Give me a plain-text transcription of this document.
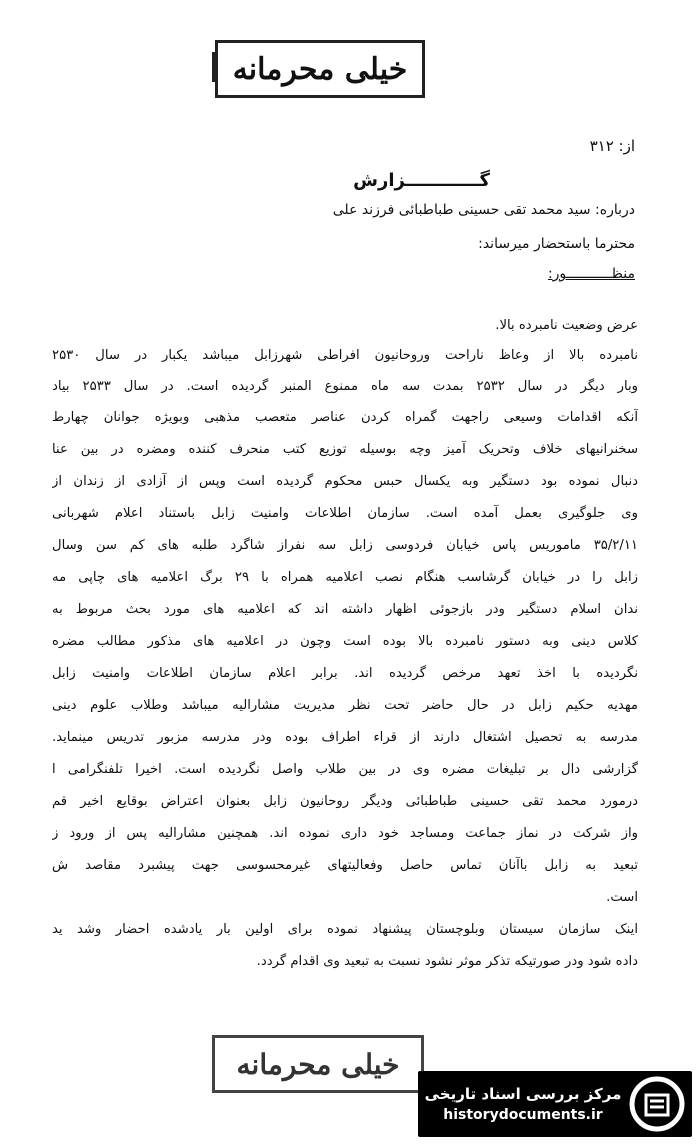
خیلی محرمانه
از: ۳۱۲
گــــــــــــزارش
درباره: سید محمد تقی حسینی طباطبائی فرزند علی
محترما باستحضار میرساند:
منظـــــــــــور:
عرض وضعیت نامبرده بالا.
نامبرده بالا از وعاظ ناراحت وروحانیون افراطی شهرزابل میباشد یکبار در سال ۲۵۳۰
وبار دیگر در سال ۲۵۳۲ بمدت سه ماه ممنوع المنبر گردیده است. در سال ۲۵۳۳ بیاد
آنکه اقدامات وسیعی راجهت گمراه کردن عناصر متعصب مذهبی وبویژه جوانان چهارط
سخنرانیهای خلاف وتحریک آمیز وچه بوسیله توزیع کتب منحرف کننده ومضره در بین عنا
دنبال نموده بود دستگیر وبه یکسال حبس محکوم گردیده است وپس از آزادی از زندان از
وی جلوگیری بعمل آمده است. سازمان اطلاعات وامنیت زابل باستناد اعلام شهربانی
۳۵/۲/۱۱ ماموریس پاس خیابان فردوسی زابل سه نفراز شاگرد طلبه های کم سن وسال
زابل را در خیابان گرشاسب هنگام نصب اعلامیه همراه با ۲۹ برگ اعلامیه های چاپی مه
ندان اسلام دستگیر ودر بازجوئی اظهار داشته اند که اعلامیه های مورد بحث مربوط به
کلاس دینی وبه دستور نامبرده بالا بوده است وچون در اعلامیه های مذکور مطالب مضره
نگردیده با اخذ تعهد مرخص گردیده اند. برابر اعلام سازمان اطلاعات وامنیت زابل
مهدیه حکیم زابل در حال حاضر تحت نظر مدیریت مشارالیه میباشد وطلاب علوم دینی
مدرسه به تحصیل اشتغال دارند از قراء اطراف بوده ودر مدرسه مزبور تدریس مینماید.
گزارشی دال بر تبلیغات مضره وی در بین طلاب واصل نگردیده است. اخیرا تلفنگرامی ا
درمورد محمد تقی حسینی طباطبائی ودیگر روحانیون زابل بعنوان اعتراض بوقایع اخیر قم
واز شرکت در نماز جماعت ومساجد خود داری نموده اند. همچنین مشارالیه پس از ورود ز
تبعید به زابل باآنان تماس حاصل وفعالیتهای غیرمحسوسی جهت پیشبرد مقاصد ش
است.
اینک سازمان سیستان وبلوچستان پیشنهاد نموده برای اولین بار یادشده احضار وشد ید
داده شود ودر صورتیکه تذکر موثر نشود نسبت به تبعید وی اقدام گردد.
خیلی محرمانه
مرکز بررسی اسناد تاریخی
historydocuments.ir
